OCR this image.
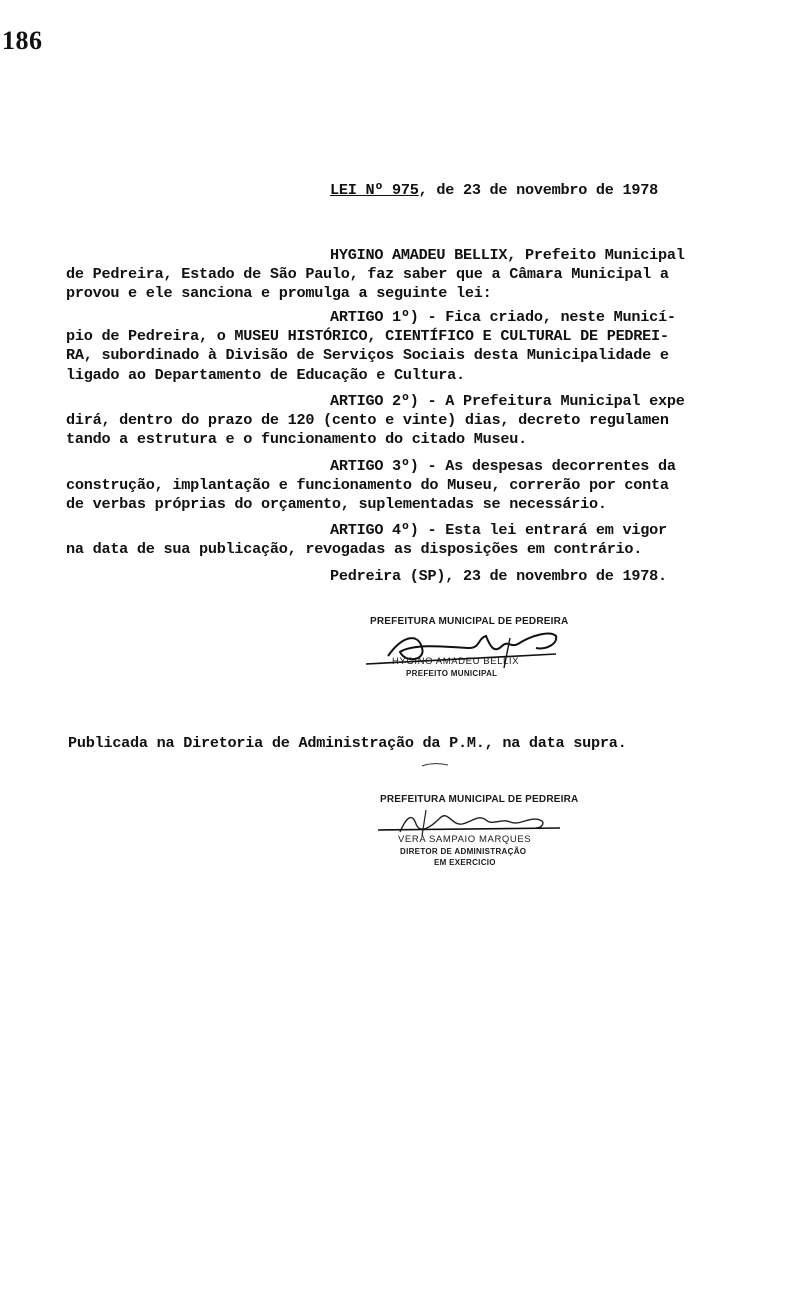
186
LEI Nº 975, de 23 de novembro de 1978
HYGINO AMADEU BELLIX, Prefeito Municipal
de Pedreira, Estado de São Paulo, faz saber que a Câmara Municipal a
provou e ele sanciona e promulga a seguinte lei:
ARTIGO 1º) - Fica criado, neste Municí-
pio de Pedreira, o MUSEU HISTÓRICO, CIENTÍFICO E CULTURAL DE PEDREI-
RA, subordinado à Divisão de Serviços Sociais desta Municipalidade e
ligado ao Departamento de Educação e Cultura.
ARTIGO 2º) - A Prefeitura Municipal expe
dirá, dentro do prazo de 120 (cento e vinte) dias, decreto regulamen
tando a estrutura e o funcionamento do citado Museu.
ARTIGO 3º) - As despesas decorrentes da
construção, implantação e funcionamento do Museu, correrão por conta
de verbas próprias do orçamento, suplementadas se necessário.
ARTIGO 4º) - Esta lei entrará em vigor
na data de sua publicação, revogadas as disposições em contrário.
Pedreira (SP), 23 de novembro de 1978.
PREFEITURA MUNICIPAL DE PEDREIRA
HYGINO AMADEU BELLIX
PREFEITO MUNICIPAL
Publicada na Diretoria de Administração da P.M., na data supra.
PREFEITURA MUNICIPAL DE PEDREIRA
VERA SAMPAIO MARQUES
DIRETOR DE ADMINISTRAÇÃO
EM EXERCICIO
